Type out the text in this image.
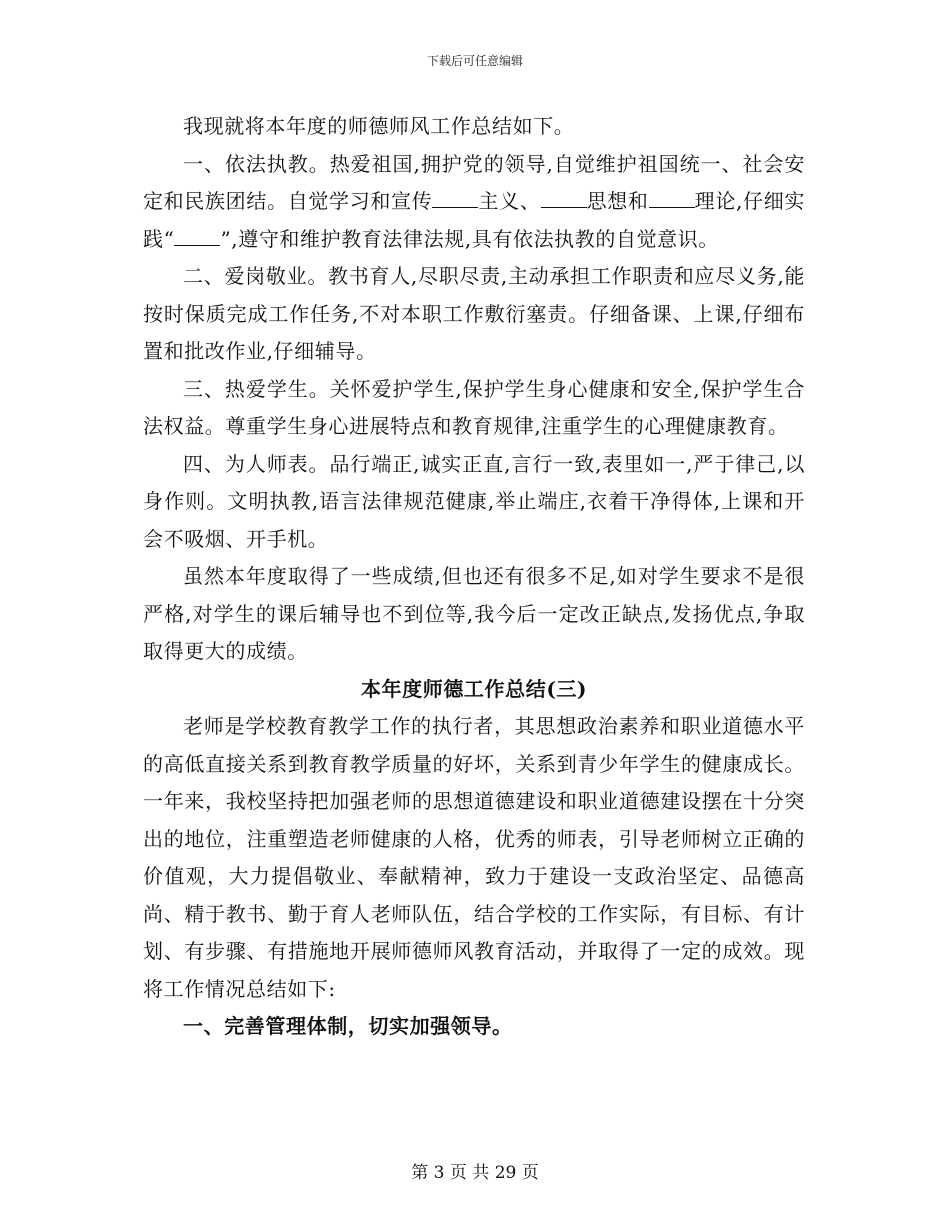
下载后可任意编辑

我现就将本年度的师德师风工作总结如下。

一、依法执教。热爱祖国,拥护党的领导,自觉维护祖国统一、社会安定和民族团结。自觉学习和宣传 主义、 思想和 理论,仔细实践“ ”,遵守和维护教育法律法规,具有依法执教的自觉意识。

二、爱岗敬业。教书育人,尽职尽责,主动承担工作职责和应尽义务,能按时保质完成工作任务,不对本职工作敷衍塞责。仔细备课、上课,仔细布置和批改作业,仔细辅导。

三、热爱学生。关怀爱护学生,保护学生身心健康和安全,保护学生合法权益。尊重学生身心进展特点和教育规律,注重学生的心理健康教育。

四、为人师表。品行端正,诚实正直,言行一致,表里如一,严于律己,以身作则。文明执教,语言法律规范健康,举止端庄,衣着干净得体,上课和开会不吸烟、开手机。

虽然本年度取得了一些成绩,但也还有很多不足,如对学生要求不是很严格,对学生的课后辅导也不到位等,我今后一定改正缺点,发扬优点,争取取得更大的成绩。

本年度师德工作总结(三)

老师是学校教育教学工作的执行者，其思想政治素养和职业道德水平的高低直接关系到教育教学质量的好坏，关系到青少年学生的健康成长。一年来，我校坚持把加强老师的思想道德建设和职业道德建设摆在十分突出的地位，注重塑造老师健康的人格，优秀的师表，引导老师树立正确的价值观，大力提倡敬业、奉献精神，致力于建设一支政治坚定、品德高尚、精于教书、勤于育人老师队伍，结合学校的工作实际，有目标、有计划、有步骤、有措施地开展师德师风教育活动，并取得了一定的成效。现将工作情况总结如下:

一、完善管理体制，切实加强领导。

第 3 页 共 29 页
